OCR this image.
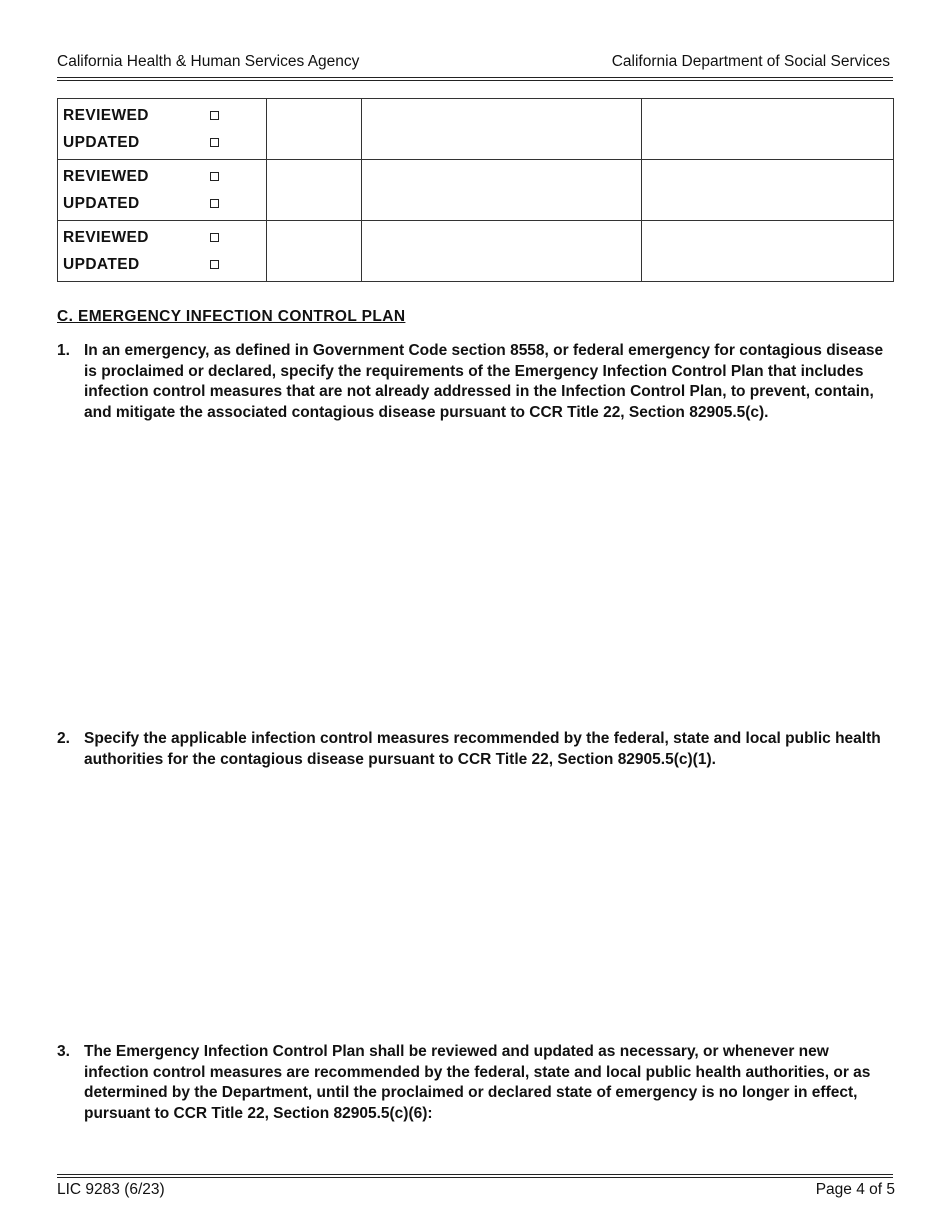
California Health & Human Services Agency	California Department of Social Services
REVIEWED
UPDATED			

REVIEWED
UPDATED			

REVIEWED
UPDATED			

C. EMERGENCY INFECTION CONTROL PLAN
1. In an emergency, as defined in Government Code section 8558, or federal emergency for contagious disease is proclaimed or declared, specify the requirements of the Emergency Infection Control Plan that includes infection control measures that are not already addressed in the Infection Control Plan, to prevent, contain, and mitigate the associated contagious disease pursuant to CCR Title 22, Section 82905.5(c).
2. Specify the applicable infection control measures recommended by the federal, state and local public health authorities for the contagious disease pursuant to CCR Title 22, Section 82905.5(c)(1).
3. The Emergency Infection Control Plan shall be reviewed and updated as necessary, or whenever new infection control measures are recommended by the federal, state and local public health authorities, or as determined by the Department, until the proclaimed or declared state of emergency is no longer in effect, pursuant to CCR Title 22, Section 82905.5(c)(6):
LIC 9283 (6/23)	Page 4 of 5
